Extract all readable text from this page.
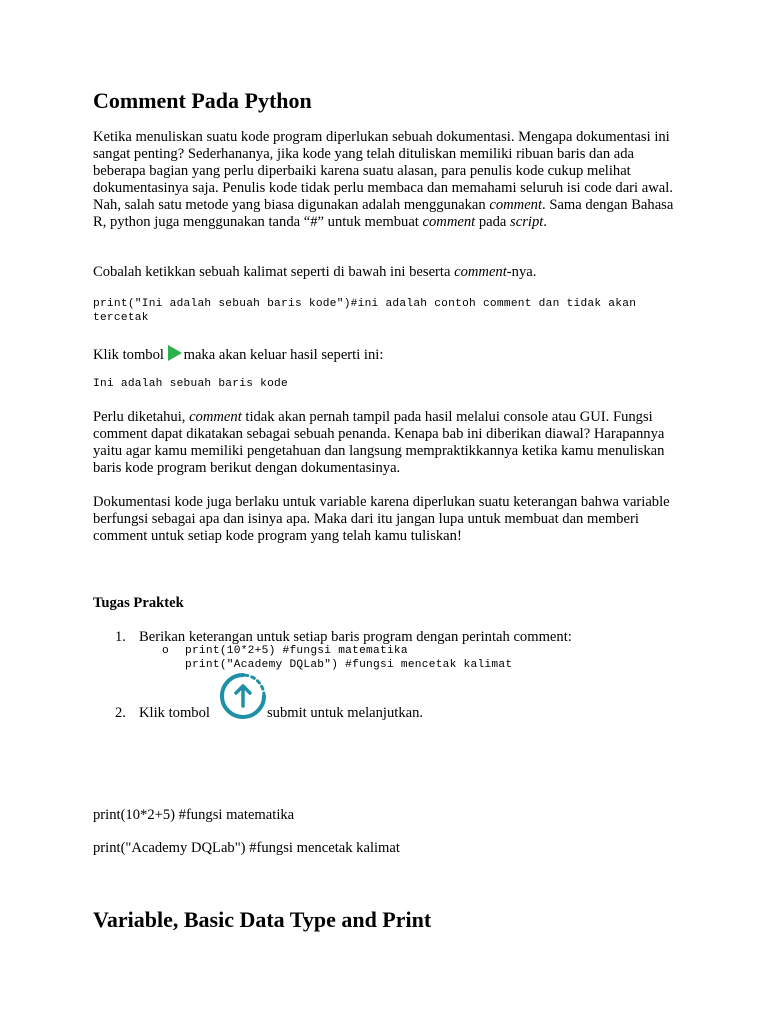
Comment Pada Python

Ketika menuliskan suatu kode program diperlukan sebuah dokumentasi. Mengapa dokumentasi ini sangat penting? Sederhananya, jika kode yang telah dituliskan memiliki ribuan baris dan ada beberapa bagian yang perlu diperbaiki karena suatu alasan, para penulis kode cukup melihat dokumentasinya saja. Penulis kode tidak perlu membaca dan memahami seluruh isi code dari awal. Nah, salah satu metode yang biasa digunakan adalah menggunakan comment. Sama dengan Bahasa R, python juga menggunakan tanda “#” untuk membuat comment pada script.

Cobalah ketikkan sebuah kalimat seperti di bawah ini beserta comment-nya.

print("Ini adalah sebuah baris kode")#ini adalah contoh comment dan tidak akan tercetak

Klik tombol maka akan keluar hasil seperti ini:

Ini adalah sebuah baris kode

Perlu diketahui, comment tidak akan pernah tampil pada hasil melalui console atau GUI. Fungsi comment dapat dikatakan sebagai sebuah penanda. Kenapa bab ini diberikan diawal? Harapannya yaitu agar kamu memiliki pengetahuan dan langsung mempraktikkannya ketika kamu menuliskan baris kode program berikut dengan dokumentasinya.

Dokumentasi kode juga berlaku untuk variable karena diperlukan suatu keterangan bahwa variable berfungsi sebagai apa dan isinya apa. Maka dari itu jangan lupa untuk membuat dan memberi comment untuk setiap kode program yang telah kamu tuliskan!

Tugas Praktek
1. Berikan keterangan untuk setiap baris program dengan perintah comment:
o print(10*2+5) #fungsi matematika
print("Academy DQLab") #fungsi mencetak kalimat
2. Klik tombol	submit untuk melanjutkan.
print(10*2+5) #fungsi matematika
print("Academy DQLab") #fungsi mencetak kalimat
Variable, Basic Data Type and Print
